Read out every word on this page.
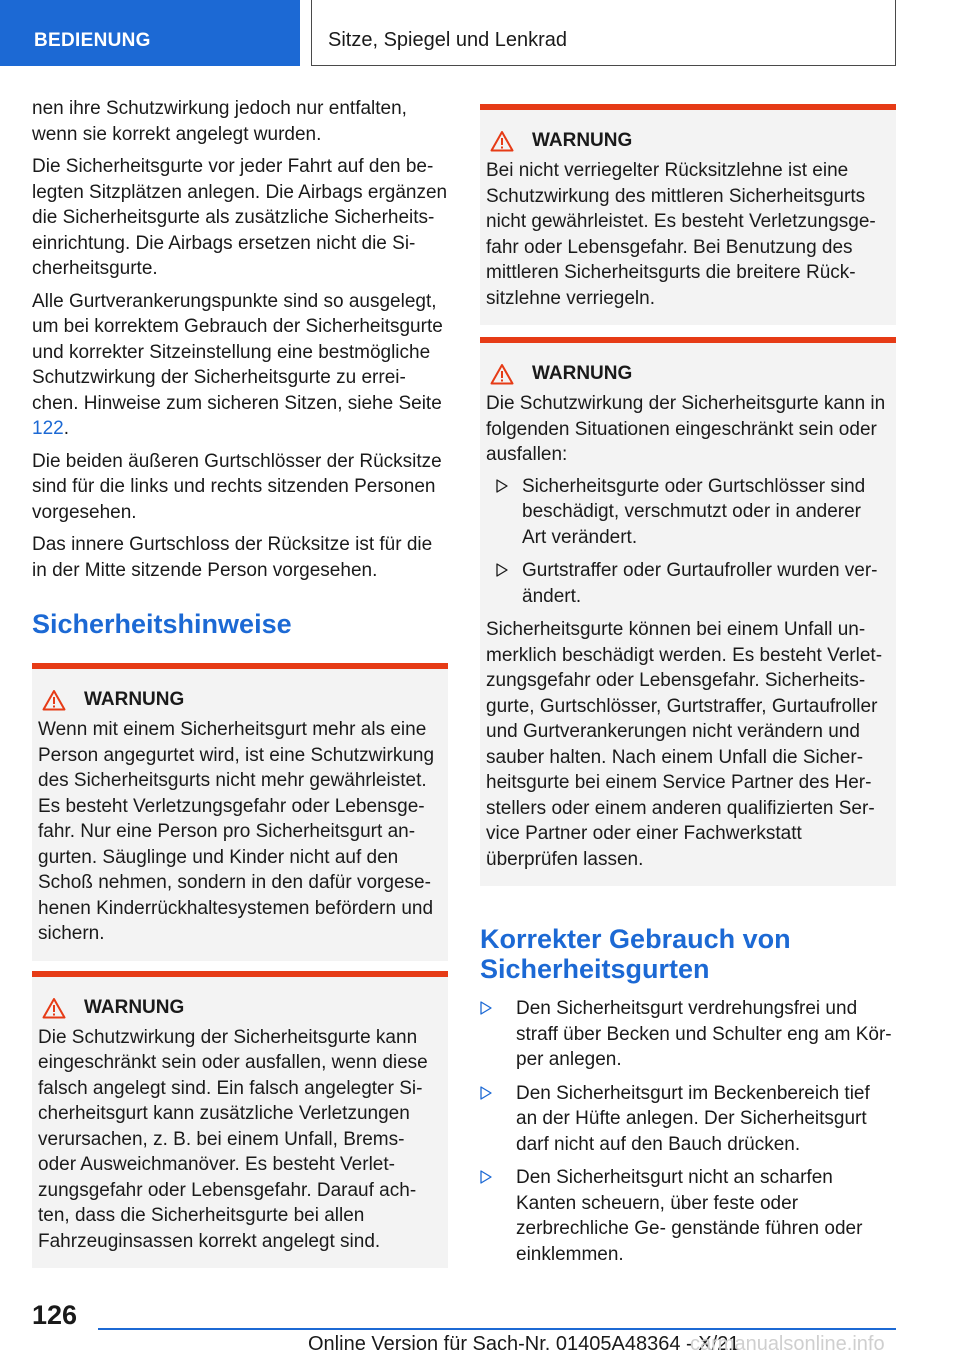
BEDIENUNG	Sitze, Spiegel und Lenkrad

nen ihre Schutzwirkung jedoch nur entfalten, wenn sie korrekt angelegt wurden.

Die Sicherheitsgurte vor jeder Fahrt auf den be- legten Sitzplätzen anlegen. Die Airbags ergänzen die Sicherheitsgurte als zusätzliche Sicherheits- einrichtung. Die Airbags ersetzen nicht die Si- cherheitsgurte.

Alle Gurtverankerungspunkte sind so ausgelegt, um bei korrektem Gebrauch der Sicherheitsgurte und korrekter Sitzeinstellung eine bestmögliche Schutzwirkung der Sicherheitsgurte zu errei- chen. Hinweise zum sicheren Sitzen, siehe Seite 122.

Die beiden äußeren Gurtschlösser der Rücksitze sind für die links und rechts sitzenden Personen vorgesehen.

Das innere Gurtschloss der Rücksitze ist für die in der Mitte sitzende Person vorgesehen.

Sicherheitshinweise
WARNUNG
Wenn mit einem Sicherheitsgurt mehr als eine Person angegurtet wird, ist eine Schutzwirkung des Sicherheitsgurts nicht mehr gewährleistet. Es besteht Verletzungsgefahr oder Lebensge- fahr. Nur eine Person pro Sicherheitsgurt an- gurten. Säuglinge und Kinder nicht auf den Schoß nehmen, sondern in den dafür vorgese- henen Kinderrückhaltesystemen befördern und sichern.
WARNUNG
Die Schutzwirkung der Sicherheitsgurte kann eingeschränkt sein oder ausfallen, wenn diese falsch angelegt sind. Ein falsch angelegter Si- cherheitsgurt kann zusätzliche Verletzungen verursachen, z. B. bei einem Unfall, Brems- oder Ausweichmanöver. Es besteht Verlet- zungsgefahr oder Lebensgefahr. Darauf ach- ten, dass die Sicherheitsgurte bei allen Fahrzeuginsassen korrekt angelegt sind.
WARNUNG
Bei nicht verriegelter Rücksitzlehne ist eine Schutzwirkung des mittleren Sicherheitsgurts nicht gewährleistet. Es besteht Verletzungsge- fahr oder Lebensgefahr. Bei Benutzung des mittleren Sicherheitsgurts die breitere Rück- sitzlehne verriegeln.
WARNUNG
Die Schutzwirkung der Sicherheitsgurte kann in folgenden Situationen eingeschränkt sein oder ausfallen:
Sicherheitsgurte oder Gurtschlösser sind beschädigt, verschmutzt oder in anderer Art verändert.
Gurtstraffer oder Gurtaufroller wurden ver- ändert.
Sicherheitsgurte können bei einem Unfall un- merklich beschädigt werden. Es besteht Verlet- zungsgefahr oder Lebensgefahr. Sicherheits- gurte, Gurtschlösser, Gurtstraffer, Gurtaufroller und Gurtverankerungen nicht verändern und sauber halten. Nach einem Unfall die Sicher- heitsgurte bei einem Service Partner des Her- stellers oder einem anderen qualifizierten Ser- vice Partner oder einer Fachwerkstatt überprüfen lassen.
Korrekter Gebrauch von Sicherheitsgurten
Den Sicherheitsgurt verdrehungsfrei und straff über Becken und Schulter eng am Kör- per anlegen.
Den Sicherheitsgurt im Beckenbereich tief an der Hüfte anlegen. Der Sicherheitsgurt darf nicht auf den Bauch drücken.
Den Sicherheitsgurt nicht an scharfen Kanten scheuern, über feste oder zerbrechliche Ge- genstände führen oder einklemmen.
126
Online Version für Sach-Nr. 01405A48364 - X/21
carmanualsonline.info
